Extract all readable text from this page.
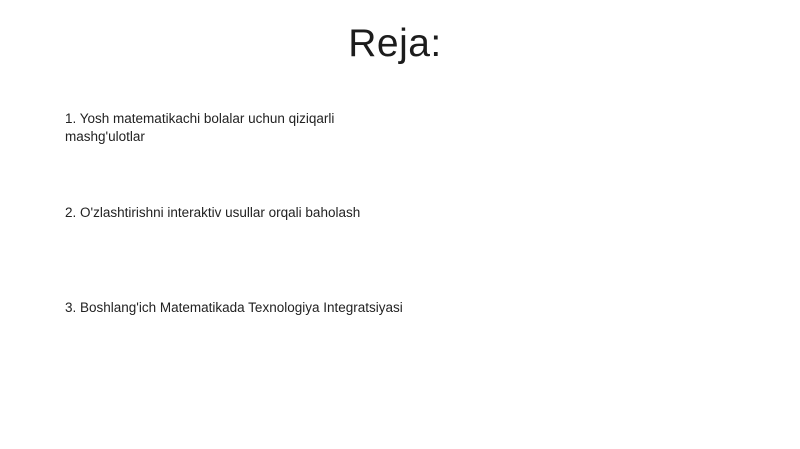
Reja:
1. Yosh matematikachi bolalar uchun qiziqarli mashg'ulotlar
2. O'zlashtirishni interaktiv usullar orqali baholash
3. Boshlang'ich Matematikada Texnologiya Integratsiyasi
